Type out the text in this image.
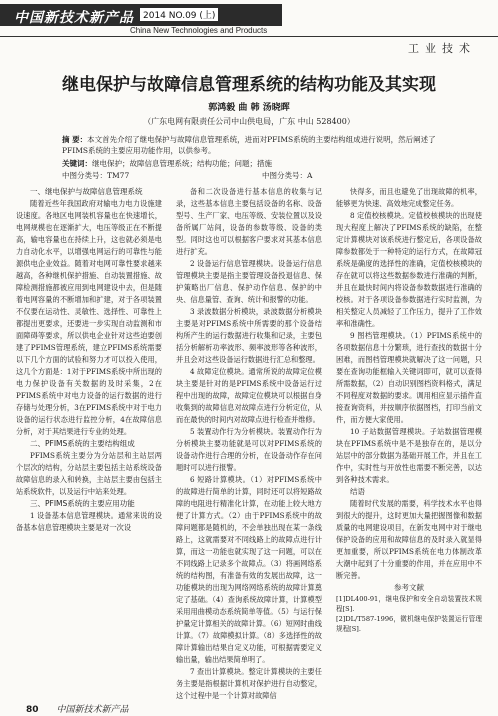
中国新技术新产品	2014 NO.09 (上)
China New Technologies and Products
工业技术
继电保护与故障信息管理系统的结构功能及其实现
郭鸿毅 曲 韩 汤晓晖
（广东电网有限责任公司中山供电局，广东 中山 528400）
摘 要：本文首先介绍了继电保护与故障信息管理系统，进而对PFIMS系统的主要结构组成进行说明，然后阐述了PFIMS系统的主要应用功能作用，以供参考。
关键词：继电保护；故障信息管理系统；结构功能；问题；措施
中图分类号：TM77	中图分类号：A
一、继电保护与故障信息管理系统

随着近些年我国政府对输电力电力设施建设速度。各地区电网装机容量也在快速增长，电网规模也在逐渐扩大，电压等级正在不断提高，输电容量也在持续上升，这也就必须是电力自动化水平，以增强电网运行的可靠性与能源供电企业效益。随着对电网可靠性要求越来越高，各种继机保护措施、自动装置措施、故障检测措施都被应用到电网建设中去，但是随着电网容量的不断增加和扩建，对于各项装置不仅要在运动性、灵敏性、选择性、可靠性上都提出更要求，还要进一步实现自动监测和市面障碍等要求，所以供电企业针对这些迫要创建了PFIMS管理系统，建立PFIMS系统需要以下几个方面的试验和努力才可以投入使用，这几个方面是：1对于PFIMS系统中所出现的电力保护设备有关数据的及时采集，2在PFIMS系统中对电力设备的运行数据的进行存储与处理分析，3在PFIMS系统中对于电力设备的运行状态进行监控分析，4在故障信息分析，对于其结果进行专业的处理。

二、PFIMS系统的主要结构组成

PFIMS系统主要分为分站层和主站层两个层次的结构，分站层主要包括主站系统设备故障信息的录入和转换，主站层主要由包括主站系统软件，以及运行中站来处理。

三、PFIMS系统的主要应用功能

1 设备基本信息管理模块。通常来说的设备基本信息管理模块主要是对一次设

备和二次设备进行基本信息的收集与记录，这些基本信息主要包括设备的名称、设备型号、生产厂家、电压等级、安装位置以及设备所属厂站间，设备的参数等级、设备的类型。同时这也可以根据客户要求对其基本信息进行扩充。

2 设备运行信息管理模块。设备运行信息管理模块主要是指主要管理设备投退信息、保护策略出厂信息、保护动作信息、保护的中央、信息量管、查询、统计和报警的功能。

3 录波数据分析模块，录波数据分析模块主要是对PFIMS系统中所需要的那个设备结构所产生的运行数据进行收集和记录，主要包括分析解析功率波形、频率波形等各种波形，并且会对这些设备运行数据进行汇总和整理。

4 故障定位模块。通常所说的故障定位模块主要是针对的是PFIMS系统中设备运行过程中出现的故障，故障定位模块可以根据自身收集到的故障信息对故障点进行分析定位，从而在最快的时间内对故障点进行检查并维修。

5 装置动作行为分析模块。装置动作行为分析模块主要功能就是可以对PFIMS系统的设备动作进行合理的分析，在设备动作存在问题时可以进行报警。

6 短路计算模块。（1）对PFIMS系统中的故障进行简单的计算，同时还可以将短路故障的电阻进行精准化计算，在动能上较大地方便了计算方式。（2）由于PFIMS系统中的故障问题都是随机的，不会单独出现在某一条线路上，这就需要对不同线路上的故障点进行计算，而这一功能也就实现了这一问题，可以在不同线路上记录多个故障点。（3）将画网络系统的结构图，有准备有效的发展出故障，这一功能模块的出现为网络网络系统的故障计算奠定了基础。（4）查询系统故障计算，计算模型采用用曲模动态系统简单等值。（5）与运行保护量定计算相关的故障计算。（6）短网时曲线计算。（7）故障模拟计算。（8）多选择性的故障计算输出结果自定义功能，可根据需要定义输出量，输出结果简单明了。

7 查出计算模块。整定计算模块的主要任务主要是指根据计算机对保护进行自动整定，这个过程中是一个计算对故障信

快得多，而且也避免了出现故障的机率，能够更为快速、高效地完成整定任务。

8 定值校核模块。定值校核模块的出现使现大程度上解决了PFIMS系统的缺陷，在整定计算模块对该系统进行整定后，各项设备故障参数都处于一种特定的运行方式，在故障冠系统是确度的选择性的准确，定值校核模块的存在就可以将这些数据参数进行准确的判断，并且在最快时间内将设备参数数据进行准确的校核。对于各项设备参数据进行实时监测，为相关整定人员减轻了工作压力，提升了工作效率和准确性。

9 图档管理模块。（1）PFIMS系统中的各项数据信息十分繁琐，进行查找的数据十分困难，而图档管理模块就解决了这一问题，只要在查询功能框输入关键词即可，就可以查得所需数据，（2）自动识别图档资料格式，满足不同程度对数据的要求。调用相应显示插件直接查询资料，并按顺序依据图档，打印当前文件，而方便大家使用。

10 子站数据管理模块。子站数据管理模块在PFIMS系统中是不是独存在的，是以分站层中的部分数据为基础开展工作，并且在工作中，实时性与开放性也需要不断完善，以达到各种技术需求。

结语

随着时代发展的需要，科学技术水平也得到很大的提升，这时更加大量把握图像和数据质量的电网建设项目，在新发电网中对于继电保护设备的应用和故障信息的及时录入就显得更加重要，所以PFIMS系统在电力体制改革大潮中起到了十分重要的作用，并在应用中不断完善。

参考文献

[1]DL400-91，继电保护和安全自动装置技术规程[S].

[2]DL/T587-1996，微机继电保护装置运行管理规程[S].

80 中国新技术新产品
